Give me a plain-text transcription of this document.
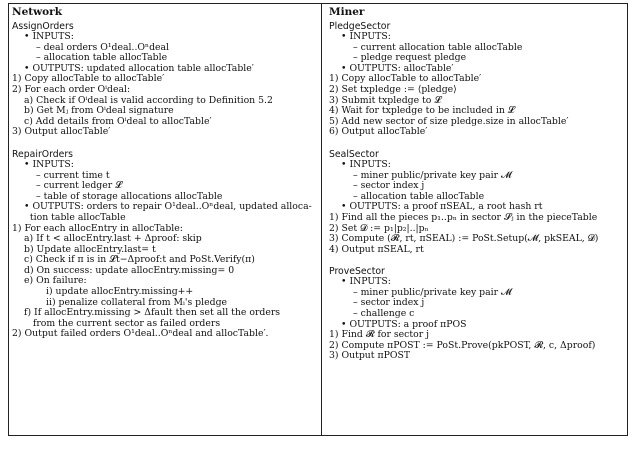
Network
AssignOrders
• INPUTS:
– deal orders O¹deal..Oⁿdeal
– allocation table allocTable
• OUTPUTS: updated allocation table allocTable′
1) Copy allocTable to allocTable′
2) For each order Oⁱdeal:
a) Check if Oⁱdeal is valid according to Definition 5.2
b) Get Mⱼ from Oⁱdeal signature
c) Add details from Oⁱdeal to allocTable′
3) Output allocTable′
RepairOrders
• INPUTS:
– current time t
– current ledger 𝓛
– table of storage allocations allocTable
• OUTPUTS: orders to repair O¹deal..Oⁿdeal, updated alloca-
tion table allocTable
1) For each allocEntry in allocTable:
a) If t < allocEntry.last + Δproof: skip
b) Update allocEntry.last= t
c) Check if π is in 𝓛t−Δproof:t and PoSt.Verify(π)
d) On success: update allocEntry.missing= 0
e) On failure:
i) update allocEntry.missing++
ii) penalize collateral from Mᵢ's pledge
f) If allocEntry.missing > Δfault then set all the orders
from the current sector as failed orders
2) Output failed orders O¹deal..Oⁿdeal and allocTable′.
Miner
PledgeSector
• INPUTS:
– current allocation table allocTable
– pledge request pledge
• OUTPUTS: allocTable′
1) Copy allocTable to allocTable′
2) Set txpledge := ⟨pledge⟩
3) Submit txpledge to 𝓛
4) Wait for txpledge to be included in 𝓛
5) Add new sector of size pledge.size in allocTable′
6) Output allocTable′
SealSector
• INPUTS:
– miner public/private key pair 𝓜
– sector index j
– allocation table allocTable
• OUTPUTS: a proof πSEAL, a root hash rt
1) Find all the pieces p₁..pₙ in sector 𝓢ⱼ in the pieceTable
2) Set 𝓓 := p₁|p₂|..|pₙ
3) Compute (𝓡, rt, πSEAL) := PoSt.Setup(𝓜, pkSEAL, 𝓓)
4) Output πSEAL, rt
ProveSector
• INPUTS:
– miner public/private key pair 𝓜
– sector index j
– challenge c
• OUTPUTS: a proof πPOS
1) Find 𝓡 for sector j
2) Compute πPOST := PoSt.Prove(pkPOST, 𝓡, c, Δproof)
3) Output πPOST
